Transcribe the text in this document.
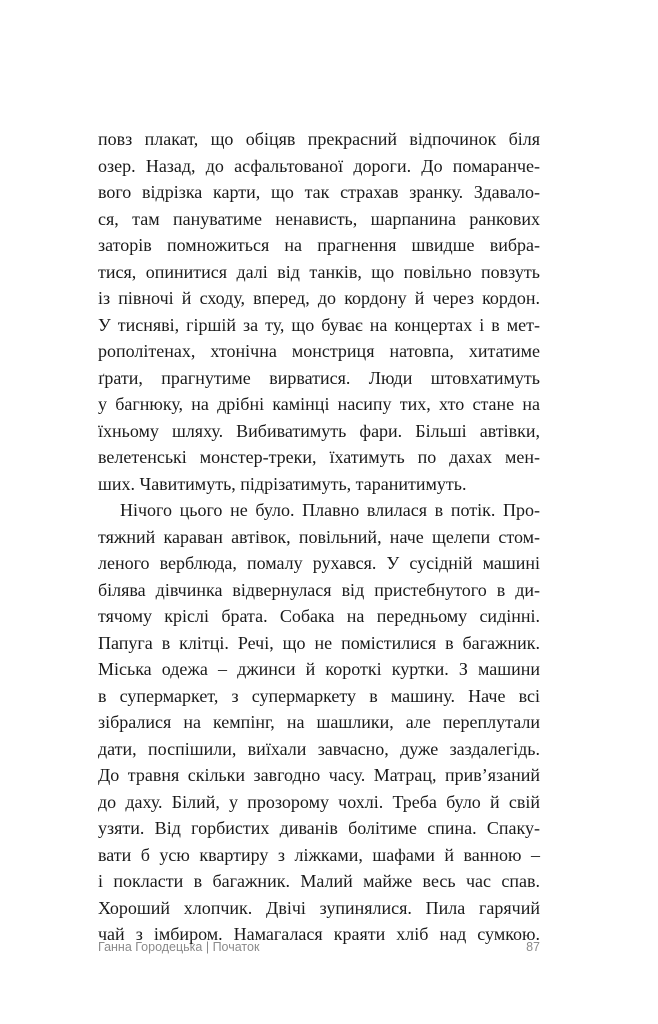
повз плакат, що обіцяв прекрасний відпочинок біля
озер. Назад, до асфальтованої дороги. До помаранче-
вого відрізка карти, що так страхав зранку. Здавало-
ся, там пануватиме ненависть, шарпанина ранкових
заторів помножиться на прагнення швидше вибра-
тися, опинитися далі від танків, що повільно повзуть
із півночі й сходу, вперед, до кордону й через кордон.
У тисняві, гіршій за ту, що буває на концертах і в мет-
рополітенах, хтонічна монстриця натовпа, хитатиме
ґрати, прагнутиме вирватися. Люди штовхатимуть
у багнюку, на дрібні камінці насипу тих, хто стане на
їхньому шляху. Вибиватимуть фари. Більші автівки,
велетенські монстер-треки, їхатимуть по дахах мен-
ших. Чавитимуть, підрізатимуть, таранитимуть.
Нічого цього не було. Плавно влилася в потік. Про-
тяжний караван автівок, повільний, наче щелепи стом-
леного верблюда, помалу рухався. У сусідній машині
білява дівчинка відвернулася від пристебнутого в ди-
тячому кріслі брата. Собака на передньому сидінні.
Папуга в клітці. Речі, що не помістилися в багажник.
Міська одежа – джинси й короткі куртки. З машини
в супермаркет, з супермаркету в машину. Наче всі
зібралися на кемпінг, на шашлики, але переплутали
дати, поспішили, виїхали завчасно, дуже заздалегідь.
До травня скільки завгодно часу. Матрац, прив’язаний
до даху. Білий, у прозорому чохлі. Треба було й свій
узяти. Від горбистих диванів болітиме спина. Спаку-
вати б усю квартиру з ліжками, шафами й ванною –
і покласти в багажник. Малий майже весь час спав.
Хороший хлопчик. Двічі зупинялися. Пила гарячий
чай з імбиром. Намагалася краяти хліб над сумкою.
Ганна Городецька | Початок	87
